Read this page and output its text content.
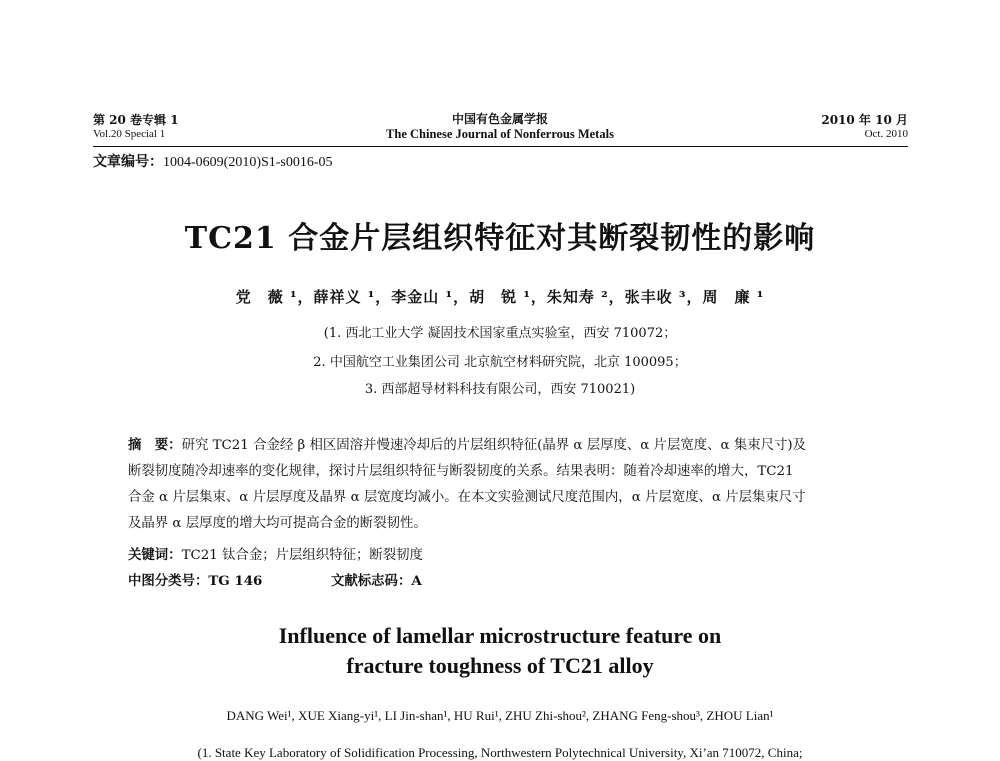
第 20 卷专辑 1
Vol.20 Special 1
中国有色金属学报
The Chinese Journal of Nonferrous Metals
2010 年 10 月
Oct. 2010
文章编号：1004-0609(2010)S1-s0016-05
TC21 合金片层组织特征对其断裂韧性的影响
党　薇 ¹，薛祥义 ¹，李金山 ¹，胡　锐 ¹，朱知寿 ²，张丰收 ³，周　廉 ¹
(1. 西北工业大学 凝固技术国家重点实验室，西安 710072；
2. 中国航空工业集团公司 北京航空材料研究院，北京 100095；
3. 西部超导材料科技有限公司，西安 710021)
摘　要：研究 TC21 合金经 β 相区固溶并慢速冷却后的片层组织特征(晶界 α 层厚度、α 片层宽度、α 集束尺寸)及
断裂韧度随冷却速率的变化规律，探讨片层组织特征与断裂韧度的关系。结果表明：随着冷却速率的增大，TC21
合金 α 片层集束、α 片层厚度及晶界 α 层宽度均减小。在本文实验测试尺度范围内，α 片层宽度、α 片层集束尺寸
及晶界 α 层厚度的增大均可提高合金的断裂韧性。
关键词：TC21 钛合金；片层组织特征；断裂韧度
中图分类号：TG 146	文献标志码：A
Influence of lamellar microstructure feature on
fracture toughness of TC21 alloy
DANG Wei¹, XUE Xiang-yi¹, LI Jin-shan¹, HU Rui¹, ZHU Zhi-shou², ZHANG Feng-shou³, ZHOU Lian¹
(1. State Key Laboratory of Solidification Processing, Northwestern Polytechnical University, Xi’an 710072, China;
